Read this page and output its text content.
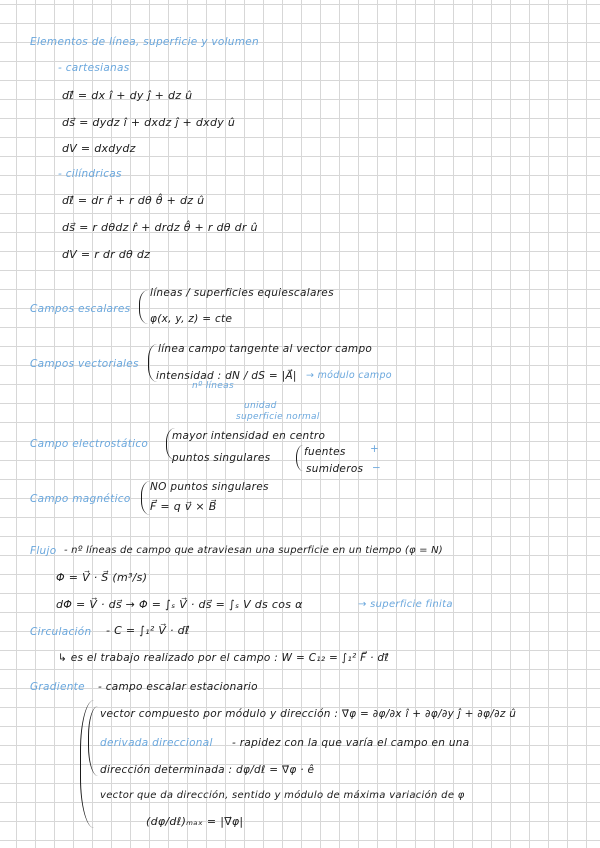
Elementos de línea, superficie y volumen
- cartesianas
dℓ⃗ = dx î + dy ĵ + dz û
ds⃗ = dydz î + dxdz ĵ + dxdy û
dV = dxdydz
- cilíndricas
dℓ⃗ = dr r̂ + r dθ θ̂ + dz û
ds⃗ = r dθdz r̂ + drdz θ̂ + r dθ dr û
dV = r dr dθ dz
Campos escalares
líneas / superficies equiescalares
φ(x, y, z) = cte
Campos vectoriales
línea campo tangente al vector campo
intensidad : dN / dS = |A⃗| → módulo campo
nº líneas
unidad
superficie normal
Campo electrostático
mayor intensidad en centro
puntos singulares	fuentes +
sumideros −
Campo magnético
NO puntos singulares
F⃗ = q v⃗ × B⃗
Flujo - nº líneas de campo que atraviesan una superficie en un tiempo (φ = N)
Φ = V⃗ · S⃗ (m³/s)
dΦ = V⃗ · ds⃗ → Φ = ∫ₛ V⃗ · ds⃗ = ∫ₛ V ds cos α	→ superficie finita
Circulación - C = ∫₁² V⃗ · dℓ⃗
↳ es el trabajo realizado por el campo : W = C₁₂ = ∫₁² F⃗ · dℓ⃗
Gradiente - campo escalar estacionario
vector compuesto por módulo y dirección : ∇⃗φ = ∂φ/∂x î + ∂φ/∂y ĵ + ∂φ/∂z û
derivada direccional - rapidez con la que varía el campo en una
dirección determinada : dφ/dℓ = ∇⃗φ · ê
vector que da dirección, sentido y módulo de máxima variación de φ
(dφ/dℓ)ₘₐₓ = |∇⃗φ|
